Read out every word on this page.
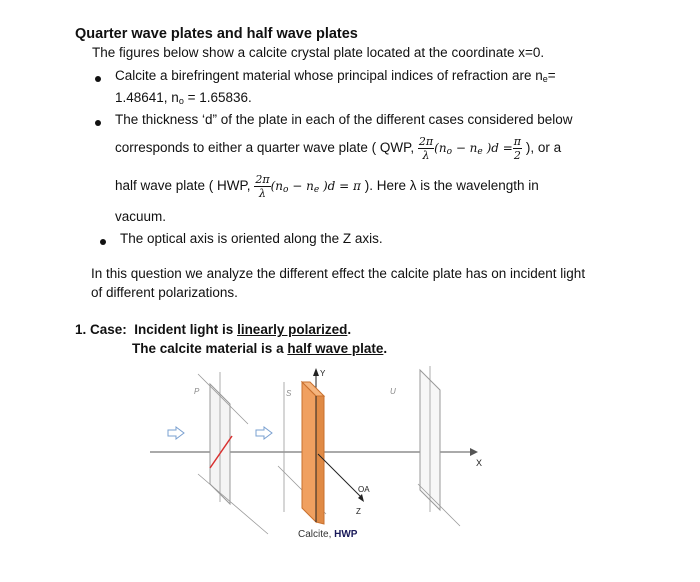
Quarter wave plates and half wave plates
The figures below show a calcite crystal plate located at the coordinate x=0.
Calcite a birefringent material whose principal indices of refraction are $n_e=$
1.48641, $n_o = 1.65836$.
The thickness ‘d” of the plate in each of the different cases considered below
corresponds to either a quarter wave plate ( QWP, $\frac{2\pi}{\lambda} (n_o - n_e$ )$d = \frac{\pi}{2}$ ), or a
half wave plate ( HWP, $\frac{2\pi}{\lambda} (n_o - n_e$ )d = π ). Here λ is the wavelength in
vacuum.
The optical axis is oriented along the Z axis.
In this question we analyze the different effect the calcite plate has on incident light
of different polarizations.
1. Case: Incident light is linearly polarized.
The calcite material is a half wave plate.
X
P	S
Y
OA
Z
U
Calcite, HWP
